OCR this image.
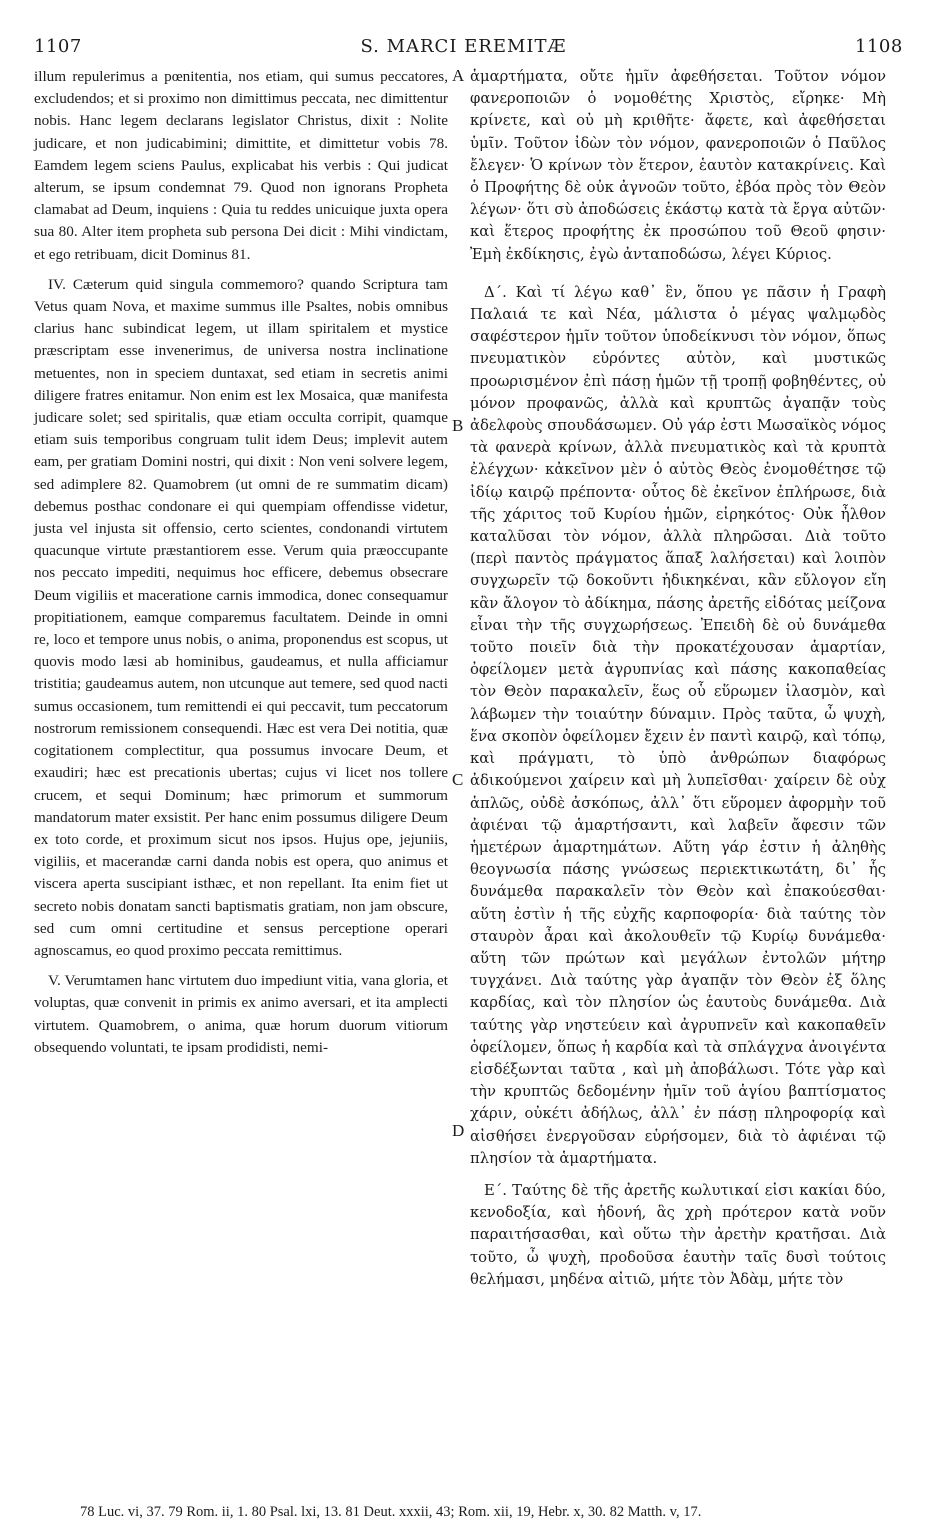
1107	S. MARCI EREMITÆ	1108

illum repulerimus a pœnitentia, nos etiam, qui sumus peccatores, excludendos; et si proximo non dimittimus peccata, nec dimittentur nobis. Hanc legem declarans legislator Christus, dixit : Nolite judicare, et non judicabimini; dimittite, et dimittetur vobis 78. Eamdem legem sciens Paulus, explicabat his verbis : Qui judicat alterum, se ipsum condemnat 79. Quod non ignorans Propheta clamabat ad Deum, inquiens : Quia tu reddes unicuique juxta opera sua 80. Alter item propheta sub persona Dei dicit : Mihi vindictam, et ego retribuam, dicit Dominus 81.

IV. Cæterum quid singula commemoro? quando Scriptura tam Vetus quam Nova, et maxime summus ille Psaltes, nobis omnibus clarius hanc subindicat legem, ut illam spiritalem et mystice præscriptam esse invenerimus, de universa nostra inclinatione metuentes, non in speciem duntaxat, sed etiam in secretis animi diligere fratres enitamur. Non enim est lex Mosaica, quæ manifesta judicare solet; sed spiritalis, quæ etiam occulta corripit, quamque etiam suis temporibus congruam tulit idem Deus; implevit autem eam, per gratiam Domini nostri, qui dixit : Non veni solvere legem, sed adimplere 82. Quamobrem (ut omni de re summatim dicam) debemus posthac condonare ei qui quempiam offendisse videtur, justa vel injusta sit offensio, certo scientes, condonandi virtutem quacunque virtute præstantiorem esse. Verum quia præoccupante nos peccato impediti, nequimus hoc efficere, debemus obsecrare Deum vigiliis et maceratione carnis immodica, donec consequamur propitiationem, eamque comparemus facultatem. Deinde in omni re, loco et tempore unus nobis, o anima, proponendus est scopus, ut quovis modo læsi ab hominibus, gaudeamus, et nulla afficiamur tristitia; gaudeamus autem, non utcunque aut temere, sed quod nacti sumus occasionem, tum remittendi ei qui peccavit, tum peccatorum nostrorum remissionem consequendi. Hæc est vera Dei notitia, quæ cogitationem complectitur, qua possumus invocare Deum, et exaudiri; hæc est precationis ubertas; cujus vi licet nos tollere crucem, et sequi Dominum; hæc primorum et summorum mandatorum mater exsistit. Per hanc enim possumus diligere Deum ex toto corde, et proximum sicut nos ipsos. Hujus ope, jejuniis, vigiliis, et macerandæ carni danda nobis est opera, quo animus et viscera aperta suscipiant isthæc, et non repellant. Ita enim fiet ut secreto nobis donatam sancti baptismatis gratiam, non jam obscure, sed cum omni certitudine et sensus perceptione operari agnoscamus, eo quod proximo peccata remittimus.

V. Verumtamen hanc virtutem duo impediunt vitia, vana gloria, et voluptas, quæ convenit in primis ex animo aversari, et ita amplecti virtutem. Quamobrem, o anima, quæ horum duorum vitiorum obsequendo voluntati, te ipsam prodidisti, nemi-

A
B
C
D

ἁμαρτήματα, οὔτε ἡμῖν ἀφεθήσεται. Τοῦτον νόμον φανεροποιῶν ὁ νομοθέτης Χριστὸς, εἴρηκε· Μὴ κρίνετε, καὶ οὐ μὴ κριθῆτε· ἄφετε, καὶ ἀφεθήσεται ὑμῖν. Τοῦτον ἰδὼν τὸν νόμον, φανεροποιῶν ὁ Παῦλος ἔλεγεν· Ὁ κρίνων τὸν ἕτερον, ἑαυτὸν κατακρίνεις. Καὶ ὁ Προφήτης δὲ οὐκ ἀγνοῶν τοῦτο, ἐβόα πρὸς τὸν Θεὸν λέγων· ὅτι σὺ ἀποδώσεις ἑκάστῳ κατὰ τὰ ἔργα αὐτῶν· καὶ ἕτερος προφήτης ἐκ προσώπου τοῦ Θεοῦ φησιν· Ἐμὴ ἐκδίκησις, ἐγὼ ἀνταποδώσω, λέγει Κύριος.

Δ΄. Καὶ τί λέγω καθ᾽ ἓν, ὅπου γε πᾶσιν ἡ Γραφὴ Παλαιά τε καὶ Νέα, μάλιστα ὁ μέγας ψαλμῳδὸς σαφέστερον ἡμῖν τοῦτον ὑποδείκνυσι τὸν νόμον, ὅπως πνευματικὸν εὑρόντες αὐτὸν, καὶ μυστικῶς προωρισμένον ἐπὶ πάσῃ ἡμῶν τῇ τροπῇ φοβηθέντες, οὐ μόνον προφανῶς, ἀλλὰ καὶ κρυπτῶς ἀγαπᾷν τοὺς ἀδελφοὺς σπουδάσωμεν. Οὐ γάρ ἐστι Μωσαϊκὸς νόμος τὰ φανερὰ κρίνων, ἀλλὰ πνευματικὸς καὶ τὰ κρυπτὰ ἐλέγχων· κἀκεῖνον μὲν ὁ αὐτὸς Θεὸς ἐνομοθέτησε τῷ ἰδίῳ καιρῷ πρέποντα· οὗτος δὲ ἐκεῖνον ἐπλήρωσε, διὰ τῆς χάριτος τοῦ Κυρίου ἡμῶν, εἰρηκότος· Οὐκ ἦλθον καταλῦσαι τὸν νόμον, ἀλλὰ πληρῶσαι. Διὰ τοῦτο (περὶ παντὸς πράγματος ἅπαξ λαλήσεται) καὶ λοιπὸν συγχωρεῖν τῷ δοκοῦντι ἠδικηκέναι, κἂν εὔλογον εἴη κἂν ἄλογον τὸ ἀδίκημα, πάσης ἀρετῆς εἰδότας μείζονα εἶναι τὴν τῆς συγχωρήσεως. Ἐπειδὴ δὲ οὐ δυνάμεθα τοῦτο ποιεῖν διὰ τὴν προκατέχουσαν ἁμαρτίαν, ὀφείλομεν μετὰ ἀγρυπνίας καὶ πάσης κακοπαθείας τὸν Θεὸν παρακαλεῖν, ἕως οὗ εὕρωμεν ἱλασμὸν, καὶ λάβωμεν τὴν τοιαύτην δύναμιν. Πρὸς ταῦτα, ὦ ψυχὴ, ἕνα σκοπὸν ὀφείλομεν ἔχειν ἐν παντὶ καιρῷ, καὶ τόπῳ, καὶ πράγματι, τὸ ὑπὸ ἀνθρώπων διαφόρως ἀδικούμενοι χαίρειν καὶ μὴ λυπεῖσθαι· χαίρειν δὲ οὐχ ἁπλῶς, οὐδὲ ἀσκόπως, ἀλλ᾽ ὅτι εὕρομεν ἀφορμὴν τοῦ ἀφιέναι τῷ ἁμαρτήσαντι, καὶ λαβεῖν ἄφεσιν τῶν ἡμετέρων ἁμαρτημάτων. Αὕτη γάρ ἐστιν ἡ ἀληθὴς θεογνωσία πάσης γνώσεως περιεκτικωτάτη, δι᾽ ἧς δυνάμεθα παρακαλεῖν τὸν Θεὸν καὶ ἐπακούεσθαι· αὕτη ἐστὶν ἡ τῆς εὐχῆς καρποφορία· διὰ ταύτης τὸν σταυρὸν ἆραι καὶ ἀκολουθεῖν τῷ Κυρίῳ δυνάμεθα· αὕτη τῶν πρώτων καὶ μεγάλων ἐντολῶν μήτηρ τυγχάνει. Διὰ ταύτης γὰρ ἀγαπᾷν τὸν Θεὸν ἐξ ὅλης καρδίας, καὶ τὸν πλησίον ὡς ἑαυτοὺς δυνάμεθα. Διὰ ταύτης γὰρ νηστεύειν καὶ ἀγρυπνεῖν καὶ κακοπαθεῖν ὀφείλομεν, ὅπως ἡ καρδία καὶ τὰ σπλάγχνα ἀνοιγέντα εἰσδέξωνται ταῦτα , καὶ μὴ ἀποβάλωσι. Τότε γὰρ καὶ τὴν κρυπτῶς δεδομένην ἡμῖν τοῦ ἁγίου βαπτίσματος χάριν, οὐκέτι ἀδήλως, ἀλλ᾽ ἐν πάσῃ πληροφορίᾳ καὶ αἰσθήσει ἐνεργοῦσαν εὑρήσομεν, διὰ τὸ ἀφιέναι τῷ πλησίον τὰ ἁμαρτήματα.

Ε΄. Ταύτης δὲ τῆς ἀρετῆς κωλυτικαί εἰσι κακίαι δύο, κενοδοξία, καὶ ἡδονή, ἃς χρὴ πρότερον κατὰ νοῦν παραιτήσασθαι, καὶ οὕτω τὴν ἀρετὴν κρατῆσαι. Διὰ τοῦτο, ὦ ψυχὴ, προδοῦσα ἑαυτὴν ταῖς δυσὶ τούτοις θελήμασι, μηδένα αἰτιῶ, μήτε τὸν Ἀδὰμ, μήτε τὸν

78 Luc. vi, 37. 79 Rom. ii, 1. 80 Psal. lxi, 13. 81 Deut. xxxii, 43; Rom. xii, 19, Hebr. x, 30. 82 Matth. v, 17.
